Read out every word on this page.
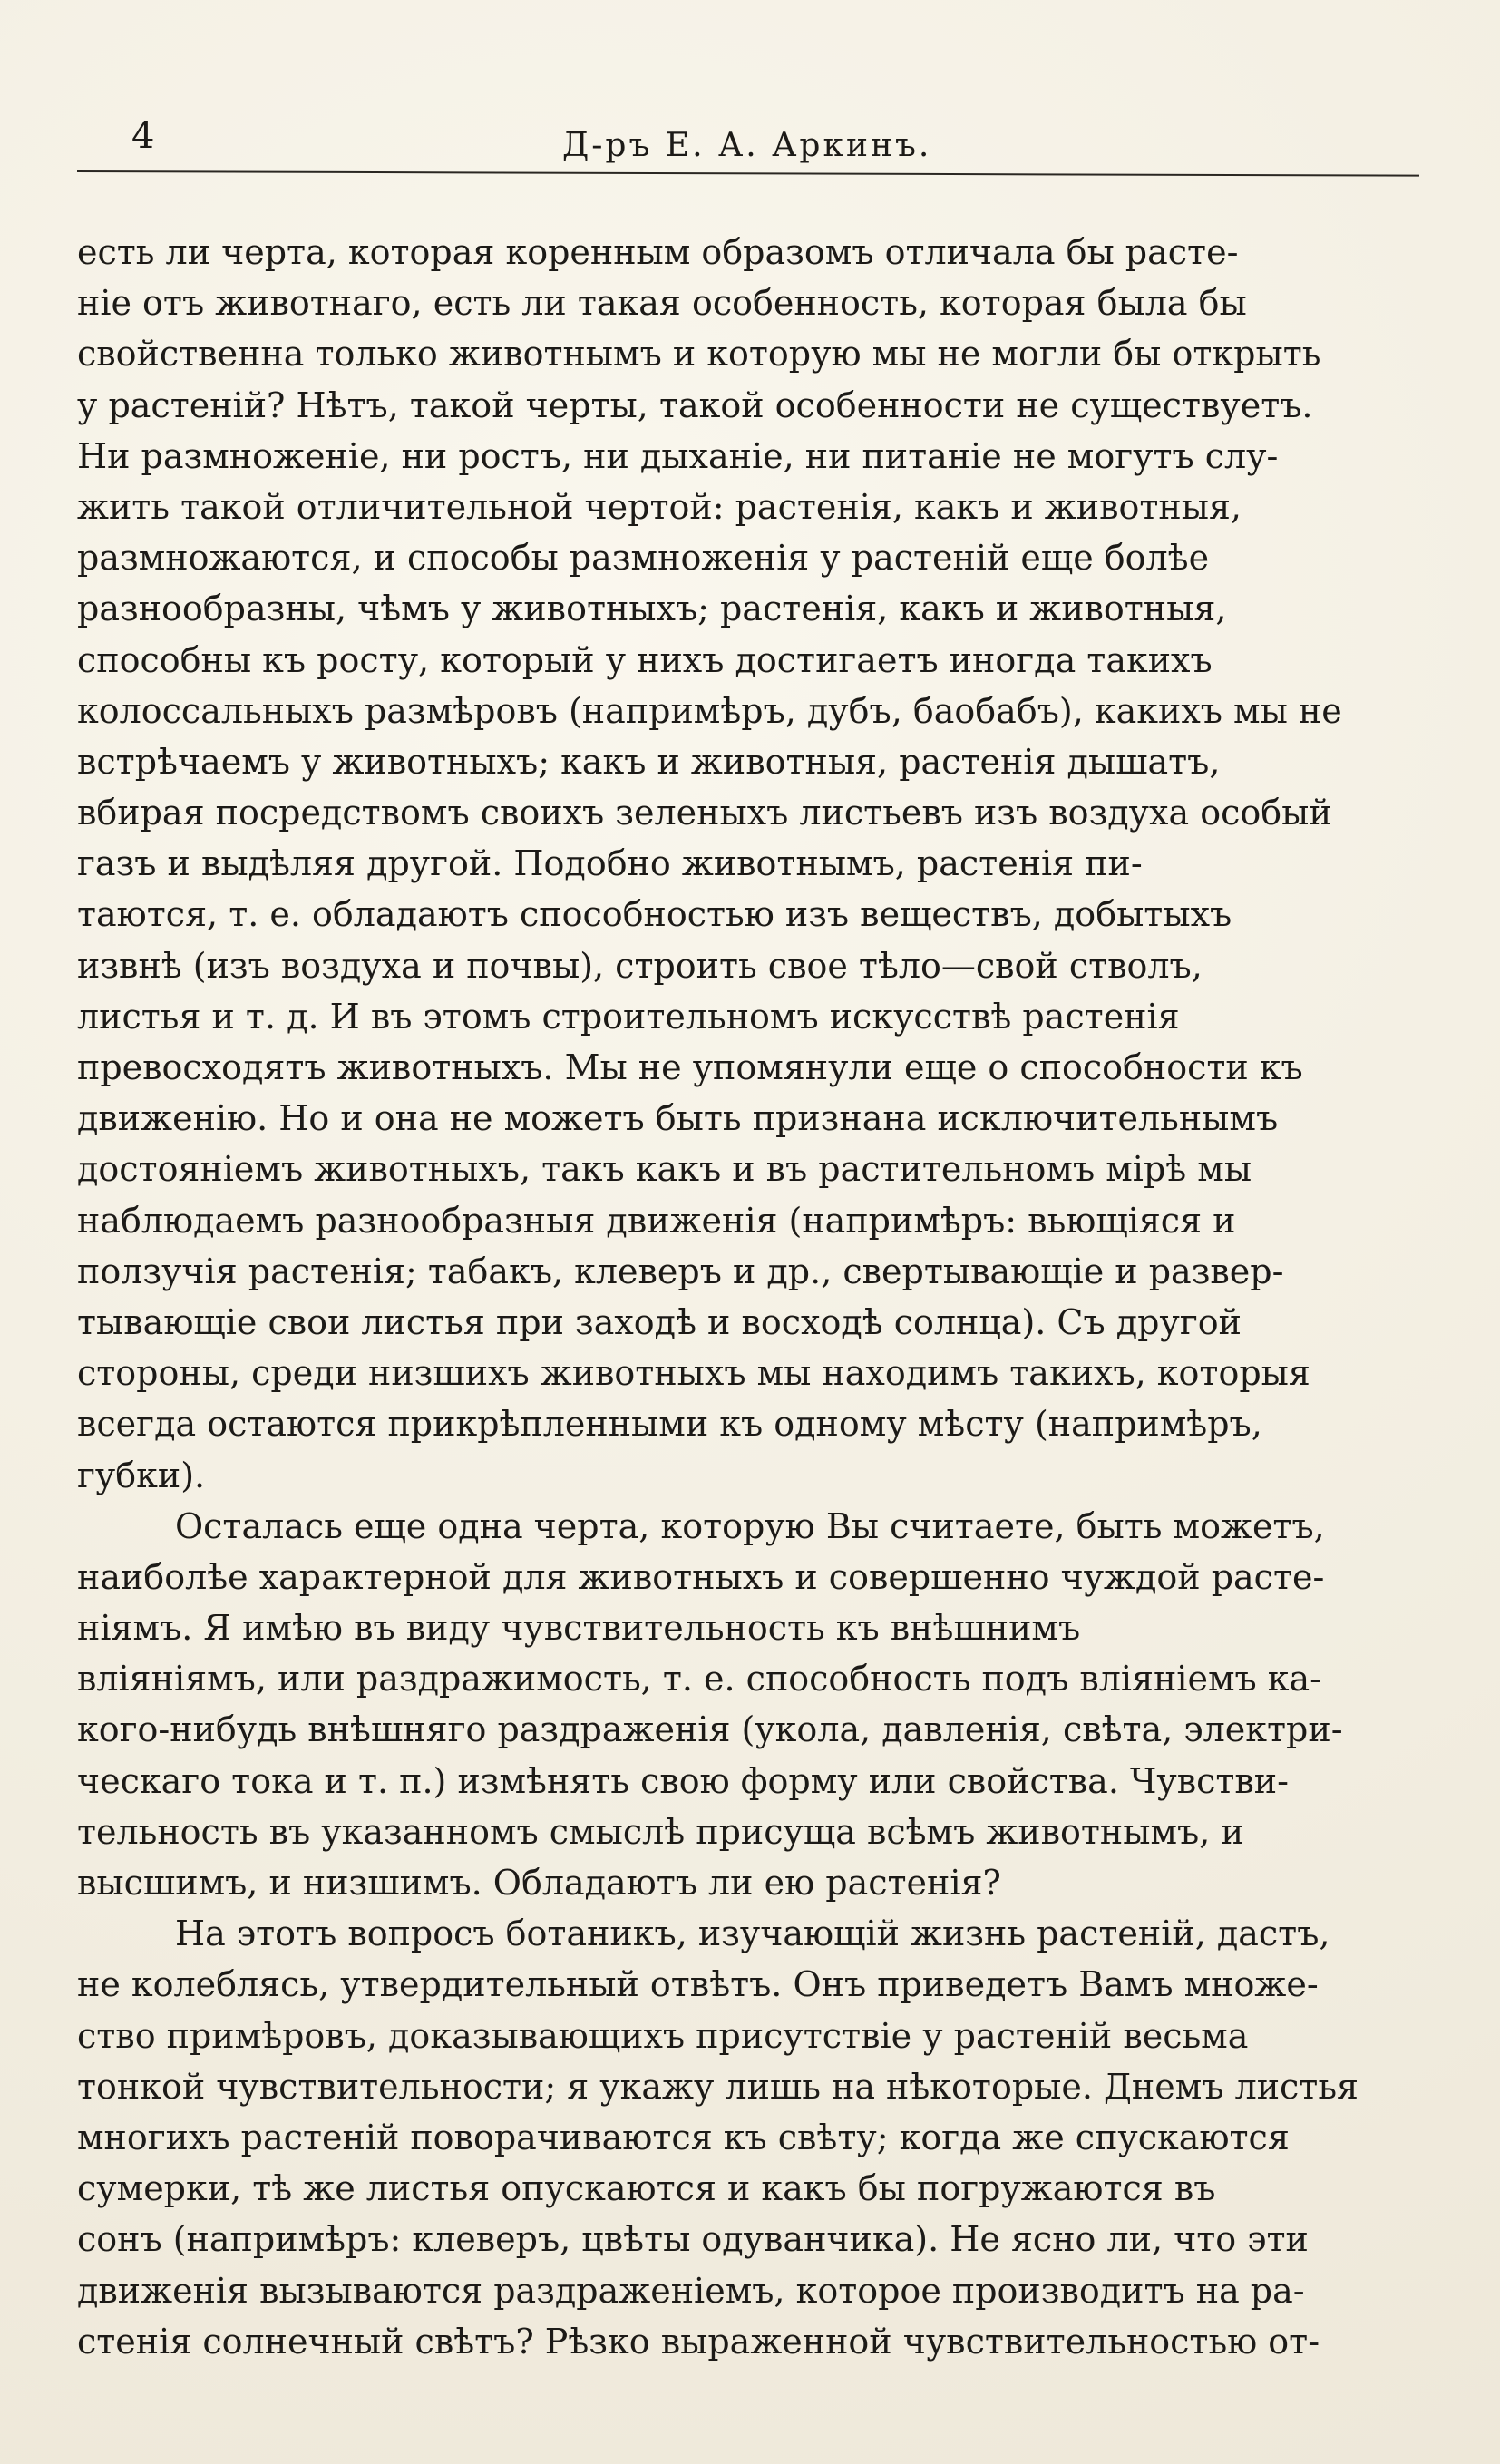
4	Д-ръ Е. А. Аркинъ.
есть ли черта, которая коренным образомъ отличала бы расте-
ніе отъ животнаго, есть ли такая особенность, которая была бы
свойственна только животнымъ и которую мы не могли бы открыть
у растеній? Нѣтъ, такой черты, такой особенности не существуетъ.
Ни размноженіе, ни ростъ, ни дыханіе, ни питаніе не могутъ слу-
жить такой отличительной чертой: растенія, какъ и животныя,
размножаются, и способы размноженія у растеній еще болѣе
разнообразны, чѣмъ у животныхъ; растенія, какъ и животныя,
способны къ росту, который у нихъ достигаетъ иногда такихъ
колоссальныхъ размѣровъ (напримѣръ, дубъ, баобабъ), какихъ мы не
встрѣчаемъ у животныхъ; какъ и животныя, растенія дышатъ,
вбирая посредствомъ своихъ зеленыхъ листьевъ изъ воздуха особый
газъ и выдѣляя другой. Подобно животнымъ, растенія пи-
таются, т. е. обладаютъ способностью изъ веществъ, добытыхъ
извнѣ (изъ воздуха и почвы), строить свое тѣло—свой стволъ,
листья и т. д. И въ этомъ строительномъ искусствѣ растенія
превосходятъ животныхъ. Мы не упомянули еще о способности къ
движенію. Но и она не можетъ быть признана исключительнымъ
достояніемъ животныхъ, такъ какъ и въ растительномъ мірѣ мы
наблюдаемъ разнообразныя движенія (напримѣръ: вьющіяся и
ползучія растенія; табакъ, клеверъ и др., свертывающіе и развер-
тывающіе свои листья при заходѣ и восходѣ солнца). Съ другой
стороны, среди низшихъ животныхъ мы находимъ такихъ, которыя
всегда остаются прикрѣпленными къ одному мѣсту (напримѣръ,
губки).
Осталась еще одна черта, которую Вы считаете, быть можетъ,
наиболѣе характерной для животныхъ и совершенно чуждой расте-
ніямъ. Я имѣю въ виду чувствительность къ внѣшнимъ
вліяніямъ, или раздражимость, т. е. способность подъ вліяніемъ ка-
кого-нибудь внѣшняго раздраженія (укола, давленія, свѣта, электри-
ческаго тока и т. п.) измѣнять свою форму или свойства. Чувстви-
тельность въ указанномъ смыслѣ присуща всѣмъ животнымъ, и
высшимъ, и низшимъ. Обладаютъ ли ею растенія?
На этотъ вопросъ ботаникъ, изучающій жизнь растеній, дастъ,
не колеблясь, утвердительный отвѣтъ. Онъ приведетъ Вамъ множе-
ство примѣровъ, доказывающихъ присутствіе у растеній весьма
тонкой чувствительности; я укажу лишь на нѣкоторые. Днемъ листья
многихъ растеній поворачиваются къ свѣту; когда же спускаются
сумерки, тѣ же листья опускаются и какъ бы погружаются въ
сонъ (напримѣръ: клеверъ, цвѣты одуванчика). Не ясно ли, что эти
движенія вызываются раздраженіемъ, которое производитъ на ра-
стенія солнечный свѣтъ? Рѣзко выраженной чувствительностью от-
